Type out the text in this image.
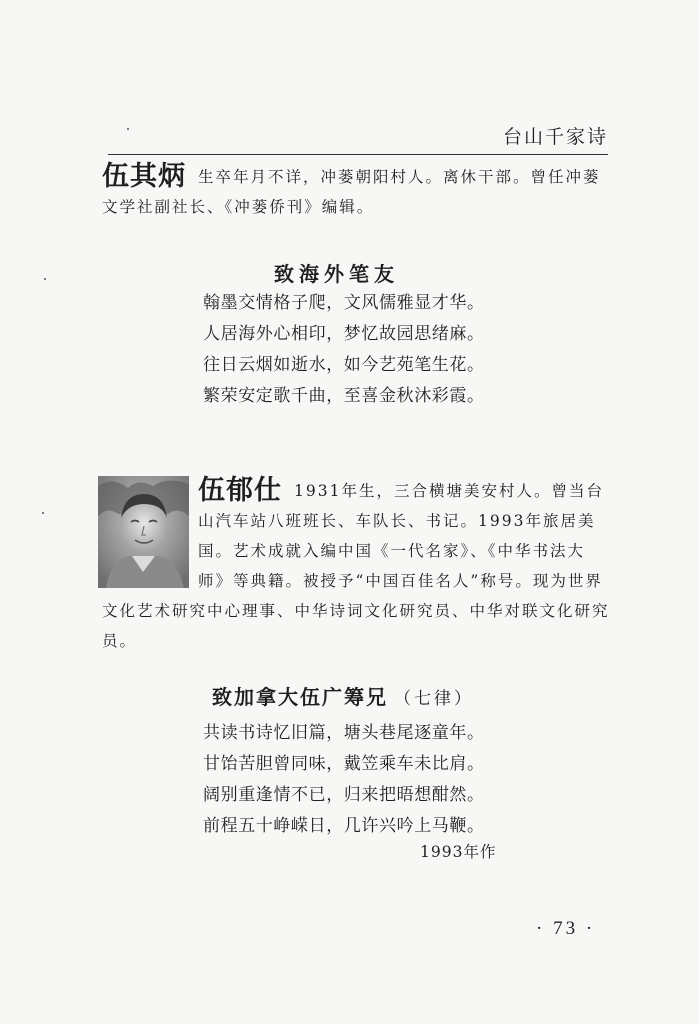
台山千家诗
伍其炳 生卒年月不详，冲蒌朝阳村人。离休干部。曾任冲蒌文学社副社长、《冲蒌侨刊》编辑。
致海外笔友
翰墨交情格子爬，文风儒雅显才华。
人居海外心相印，梦忆故园思绪麻。
往日云烟如逝水，如今艺苑笔生花。
繁荣安定歌千曲，至喜金秋沐彩霞。
伍郁仕 1931年生，三合横塘美安村人。曾当台山汽车站八班班长、车队长、书记。1993年旅居美国。艺术成就入编中国《一代名家》、《中华书法大师》等典籍。被授予“中国百佳名人”称号。现为世界文化艺术研究中心理事、中华诗词文化研究员、中华对联文化研究员。
致加拿大伍广筹兄 （七律）
共读书诗忆旧篇，塘头巷尾逐童年。
甘饴苦胆曾同味，戴笠乘车未比肩。
阔别重逢情不已，归来把晤想酣然。
前程五十峥嵘日，几许兴吟上马鞭。
1993年作
· 73 ·
